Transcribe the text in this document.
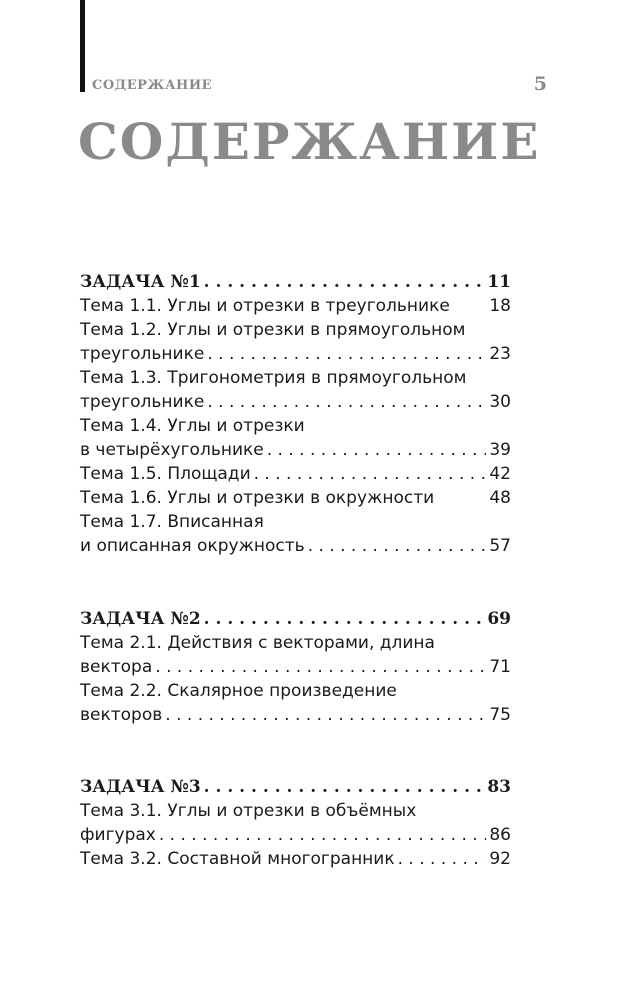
СОДЕРЖАНИЕ	5
СОДЕРЖАНИЕ
ЗАДАЧА №1 . . .	11
Тема 1.1. Углы и отрезки в треугольнике 18
Тема 1.2. Углы и отрезки в прямоугольном
треугольнике . . .	23
Тема 1.3. Тригонометрия в прямоугольном
треугольнике . . .	30
Тема 1.4. Углы и отрезки
в четырёхугольнике . . .	39
Тема 1.5. Площади . . .	42
Тема 1.6. Углы и отрезки в окружности	48
Тема 1.7. Вписанная
и описанная окружность . . .	57
ЗАДАЧА №2 . . .	69
Тема 2.1. Действия с векторами, длина
вектора . . .	71
Тема 2.2. Скалярное произведение
векторов . . .	75
ЗАДАЧА №3 . . .	83
Тема 3.1. Углы и отрезки в объёмных
фигурах . . .	86
Тема 3.2. Составной многогранник . . .	92
